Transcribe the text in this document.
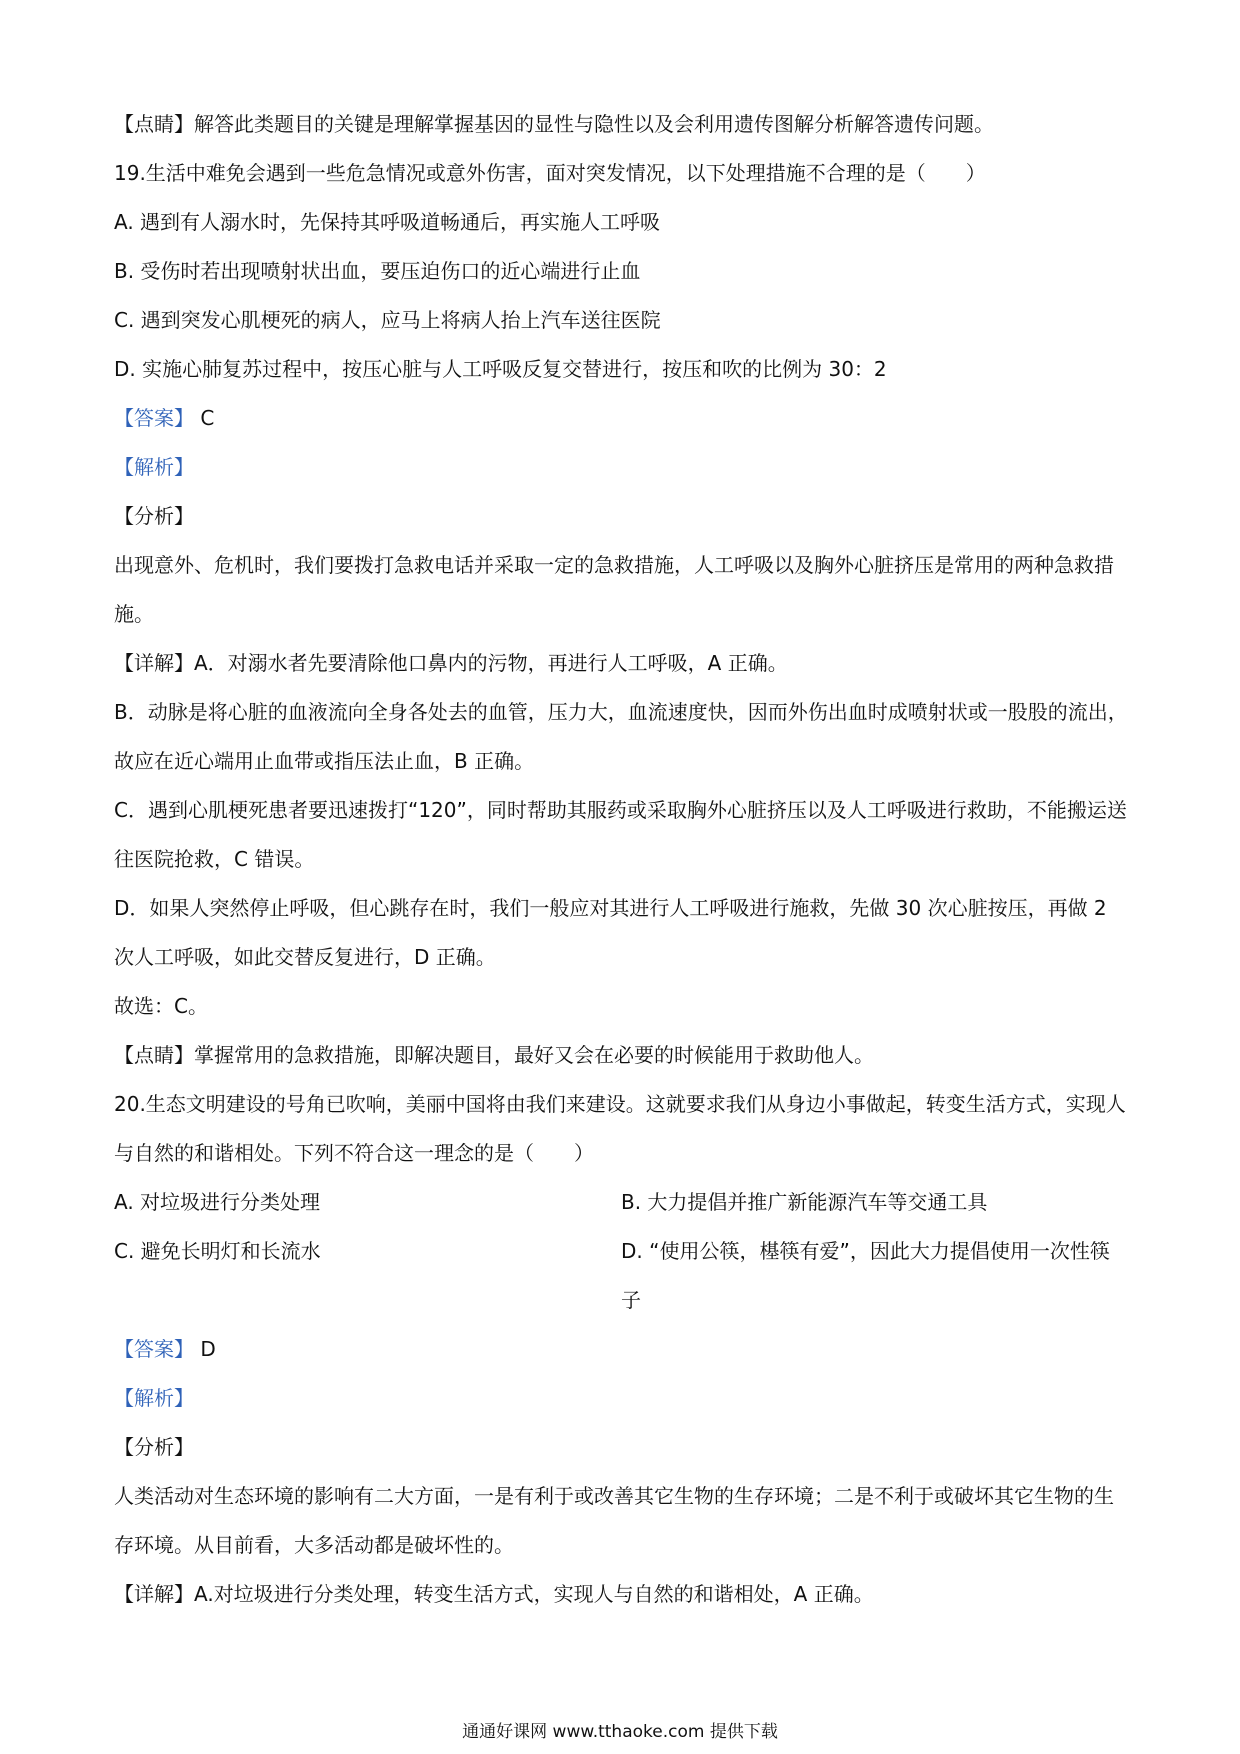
【点睛】解答此类题目的关键是理解掌握基因的显性与隐性以及会利用遗传图解分析解答遗传问题。
19.生活中难免会遇到一些危急情况或意外伤害，面对突发情况，以下处理措施不合理的是（　　）
A. 遇到有人溺水时，先保持其呼吸道畅通后，再实施人工呼吸
B. 受伤时若出现喷射状出血，要压迫伤口的近心端进行止血
C. 遇到突发心肌梗死的病人，应马上将病人抬上汽车送往医院
D. 实施心肺复苏过程中，按压心脏与人工呼吸反复交替进行，按压和吹的比例为 30：2
【答案】 C
【解析】
【分析】
出现意外、危机时，我们要拨打急救电话并采取一定的急救措施，人工呼吸以及胸外心脏挤压是常用的两种急救措施。
【详解】A．对溺水者先要清除他口鼻内的污物，再进行人工呼吸，A 正确。
B．动脉是将心脏的血液流向全身各处去的血管，压力大，血流速度快，因而外伤出血时成喷射状或一股股的流出，故应在近心端用止血带或指压法止血，B 正确。
C．遇到心肌梗死患者要迅速拨打“120”，同时帮助其服药或采取胸外心脏挤压以及人工呼吸进行救助，不能搬运送往医院抢救，C 错误。
D．如果人突然停止呼吸，但心跳存在时，我们一般应对其进行人工呼吸进行施救，先做 30 次心脏按压，再做 2 次人工呼吸，如此交替反复进行，D 正确。
故选：C。
【点睛】掌握常用的急救措施，即解决题目，最好又会在必要的时候能用于救助他人。
20.生态文明建设的号角已吹响，美丽中国将由我们来建设。这就要求我们从身边小事做起，转变生活方式，实现人与自然的和谐相处。下列不符合这一理念的是（　　）
A. 对垃圾进行分类处理	B. 大力提倡并推广新能源汽车等交通工具
C. 避免长明灯和长流水	D. “使用公筷，樭筷有爱”，因此大力提倡使用一次性筷子
【答案】 D
【解析】
【分析】
人类活动对生态环境的影响有二大方面，一是有利于或改善其它生物的生存环境；二是不利于或破坏其它生物的生存环境。从目前看，大多活动都是破坏性的。
【详解】A.对垃圾进行分类处理，转变生活方式，实现人与自然的和谐相处，A 正确。
通通好课网 www.tthaoke.com 提供下载
